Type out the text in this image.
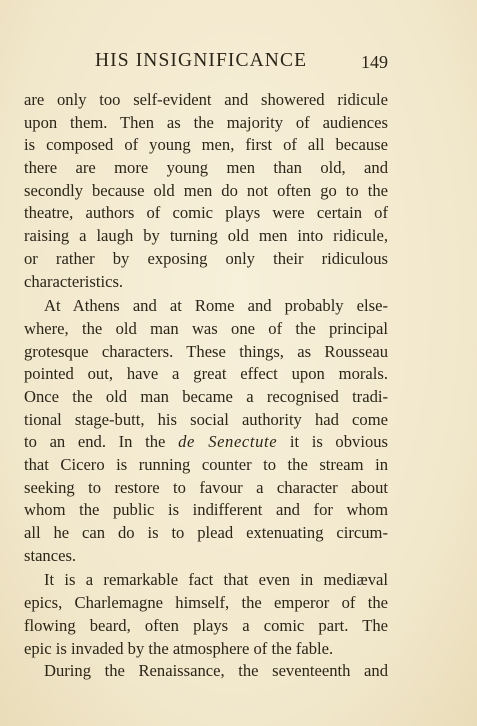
HIS INSIGNIFICANCE	149
are only too self-evident and showered ridicule
upon them. Then as the majority of audiences
is composed of young men, first of all because
there are more young men than old, and
secondly because old men do not often go to the
theatre, authors of comic plays were certain of
raising a laugh by turning old men into ridicule,
or rather by exposing only their ridiculous
characteristics.
At Athens and at Rome and probably else-
where, the old man was one of the principal
grotesque characters. These things, as Rousseau
pointed out, have a great effect upon morals.
Once the old man became a recognised tradi-
tional stage-butt, his social authority had come
to an end. In the de Senectute it is obvious
that Cicero is running counter to the stream in
seeking to restore to favour a character about
whom the public is indifferent and for whom
all he can do is to plead extenuating circum-
stances.
It is a remarkable fact that even in mediæval
epics, Charlemagne himself, the emperor of the
flowing beard, often plays a comic part. The
epic is invaded by the atmosphere of the fable.
During the Renaissance, the seventeenth and
